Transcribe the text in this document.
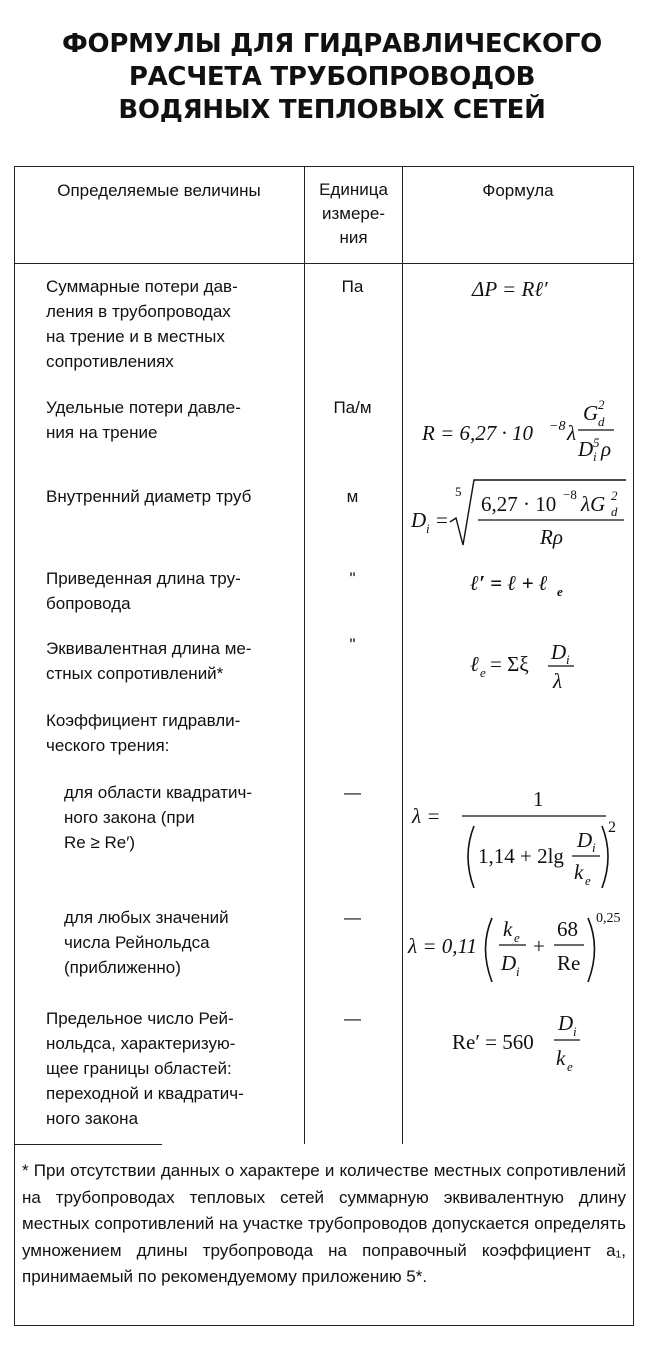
ФОРМУЛЫ ДЛЯ ГИДРАВЛИЧЕСКОГО
РАСЧЕТА ТРУБОПРОВОДОВ
ВОДЯНЫХ ТЕПЛОВЫХ СЕТЕЙ
Определяемые величины	Единица
измере-
ния
Формула
Суммарные потери дав-
ления в трубопроводах
на трение и в местных
сопротивлениях
Па
Удельные потери давле-
ния на трение
Па/м
Внутренний диаметр труб	м
Приведенная длина тру-
бопровода
"
Эквивалентная длина ме-
стных сопротивлений*
"
Коэффициент гидравли-
ческого трения:
для области квадратич-
ного закона (при
Re ≥ Re′)
—
для любых значений
числа Рейнольдса
(приближенно)
—
Предельное число Рей-
нольдса, характеризую-
щее границы областей:
переходной и квадратич-
ного закона
—
ΔP = Rℓ′
R = 6,27 · 10 −8 λ
G 2
d
D 5
i ρ
D i =
5
6,27 · 10 −8 λG 2
d
Rρ
ℓ′ = ℓ + ℓ e
ℓ e = Σξ D i
λ
λ =
1
1,14 + 2lg
D i
k e
2
λ = 0,11
k e
D i
+
68
Re
0,25
Re′ = 560
D i
k e
* При отсутствии данных о характере и количестве местных сопротивлений на трубопроводах тепловых сетей суммарную эквивалентную длину местных сопротивлений на участке трубопроводов допускается определять умножением длины трубопровода на поправочный коэффициент a₁, принимаемый по рекомендуемому приложению 5*.
